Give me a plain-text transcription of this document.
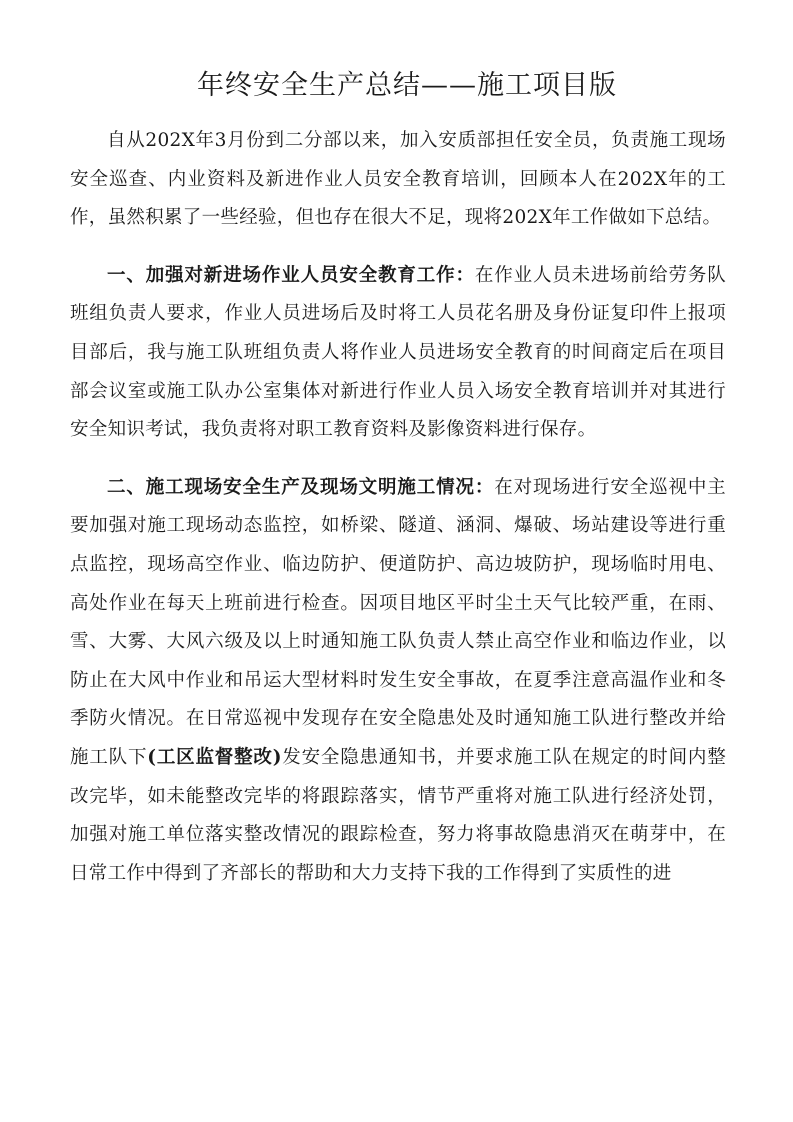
年终安全生产总结——施工项目版

自从202X年3月份到二分部以来，加入安质部担任安全员，负责施工现场安全巡查、内业资料及新进作业人员安全教育培训，回顾本人在202X年的工作，虽然积累了一些经验，但也存在很大不足，现将202X年工作做如下总结。

一、加强对新进场作业人员安全教育工作：在作业人员未进场前给劳务队班组负责人要求，作业人员进场后及时将工人员花名册及身份证复印件上报项目部后，我与施工队班组负责人将作业人员进场安全教育的时间商定后在项目部会议室或施工队办公室集体对新进行作业人员入场安全教育培训并对其进行安全知识考试，我负责将对职工教育资料及影像资料进行保存。

二、施工现场安全生产及现场文明施工情况：在对现场进行安全巡视中主要加强对施工现场动态监控，如桥梁、隧道、涵洞、爆破、场站建设等进行重点监控，现场高空作业、临边防护、便道防护、高边坡防护，现场临时用电、高处作业在每天上班前进行检查。因项目地区平时尘土天气比较严重，在雨、雪、大雾、大风六级及以上时通知施工队负责人禁止高空作业和临边作业，以防止在大风中作业和吊运大型材料时发生安全事故，在夏季注意高温作业和冬季防火情况。在日常巡视中发现存在安全隐患处及时通知施工队进行整改并给施工队下(工区监督整改)发安全隐患通知书，并要求施工队在规定的时间内整改完毕，如未能整改完毕的将跟踪落实，情节严重将对施工队进行经济处罚，加强对施工单位落实整改情况的跟踪检查，努力将事故隐患消灭在萌芽中，在日常工作中得到了齐部长的帮助和大力支持下我的工作得到了实质性的进
